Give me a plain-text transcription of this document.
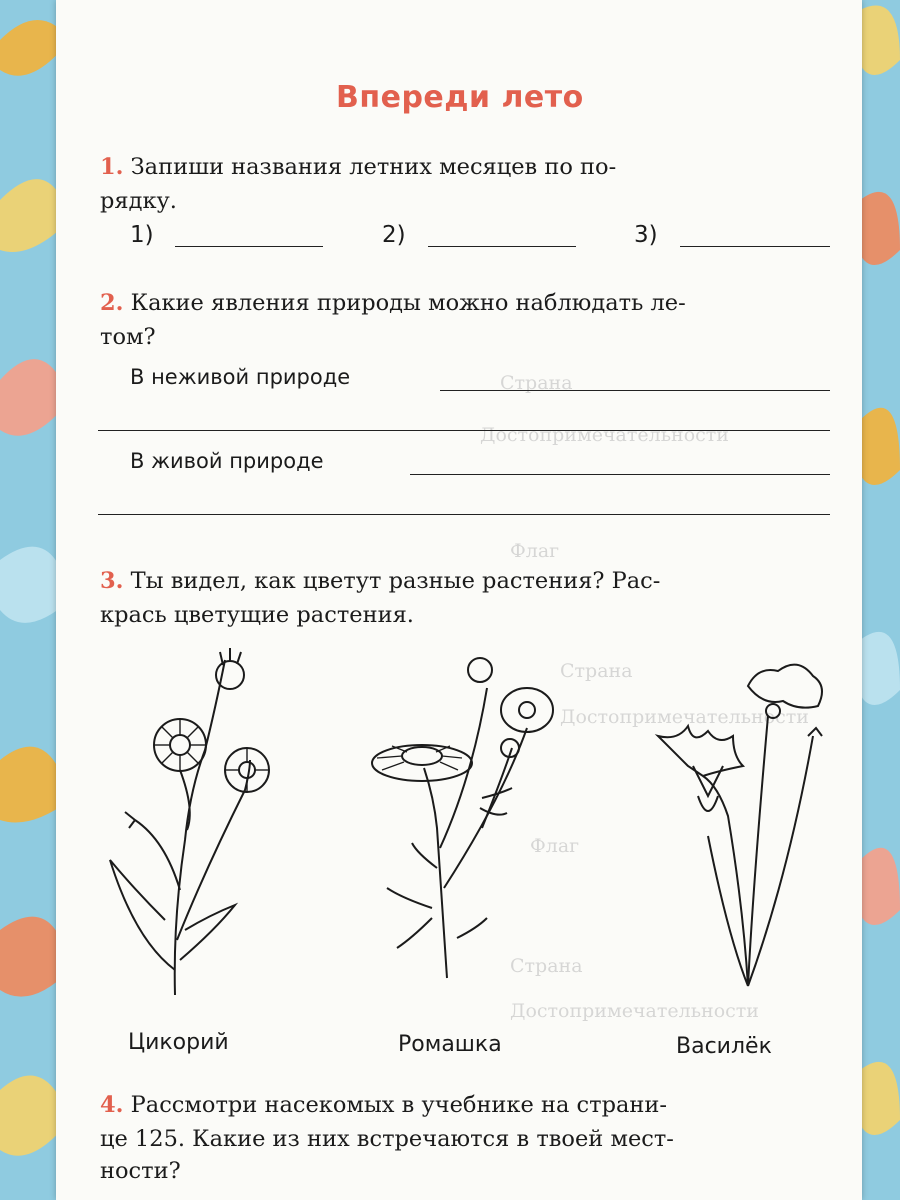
Страна
Достопримечательности
Флаг
Страна
Достопримечательности
Флаг
Страна
Достопримечательности
Впереди лето
1. Запиши названия летних месяцев по по-
рядку.
1)	2)	3)
2. Какие явления природы можно наблюдать ле-
том?
В неживой природе
В живой природе
3. Ты видел, как цветут разные растения? Рас-
крась цветущие растения.
Цикорий	Ромашка	Василёк
4. Рассмотри насекомых в учебнике на страни-
це 125. Какие из них встречаются в твоей мест-
ности?
